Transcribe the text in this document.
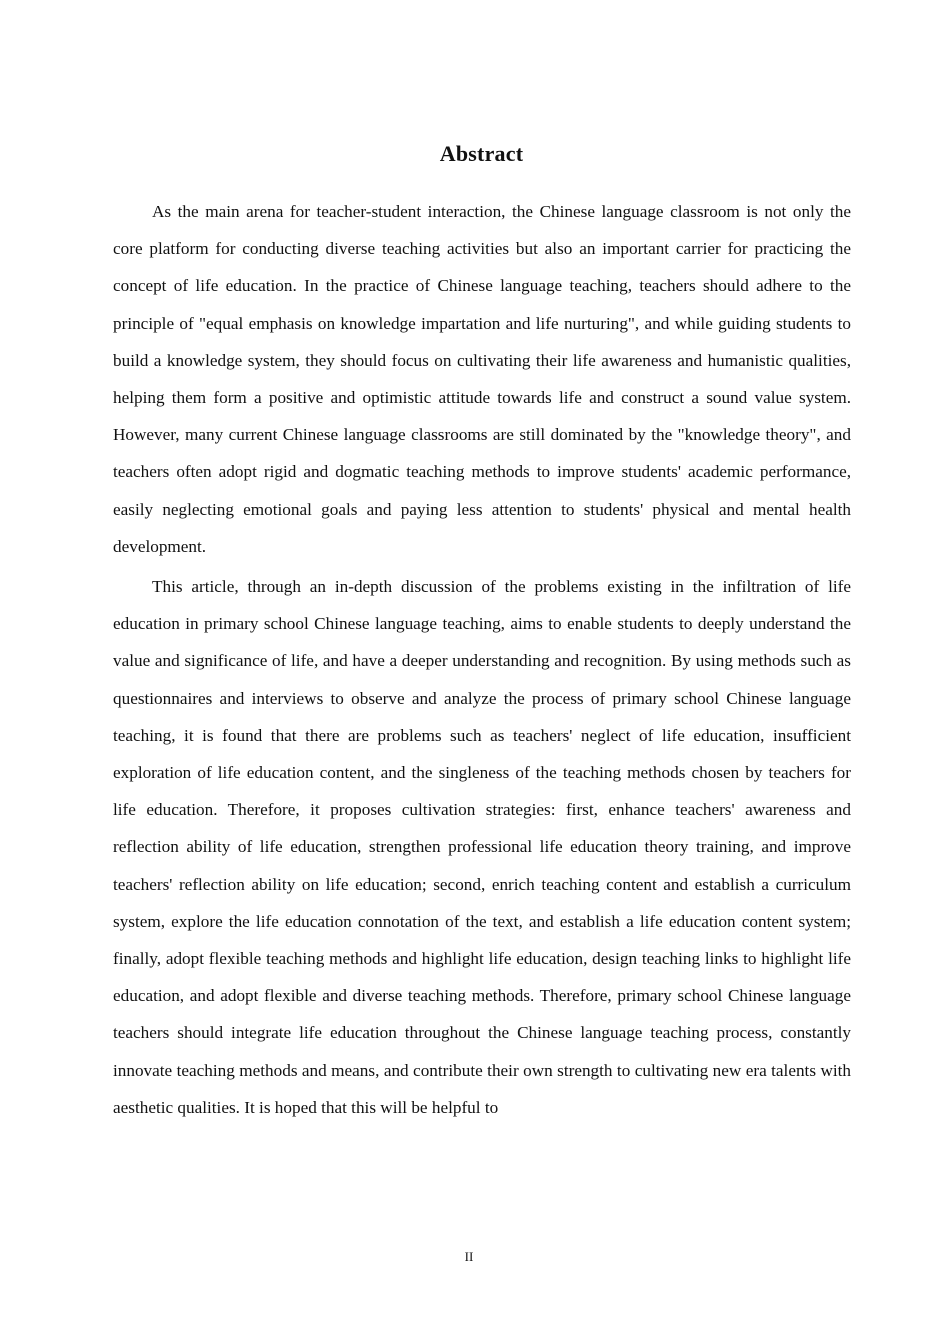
Abstract

As the main arena for teacher-student interaction, the Chinese language classroom is not only the core platform for conducting diverse teaching activities but also an important carrier for practicing the concept of life education. In the practice of Chinese language teaching, teachers should adhere to the principle of "equal emphasis on knowledge impartation and life nurturing", and while guiding students to build a knowledge system, they should focus on cultivating their life awareness and humanistic qualities, helping them form a positive and optimistic attitude towards life and construct a sound value system. However, many current Chinese language classrooms are still dominated by the "knowledge theory", and teachers often adopt rigid and dogmatic teaching methods to improve students' academic performance, easily neglecting emotional goals and paying less attention to students' physical and mental health development.

This article, through an in-depth discussion of the problems existing in the infiltration of life education in primary school Chinese language teaching, aims to enable students to deeply understand the value and significance of life, and have a deeper understanding and recognition. By using methods such as questionnaires and interviews to observe and analyze the process of primary school Chinese language teaching, it is found that there are problems such as teachers' neglect of life education, insufficient exploration of life education content, and the singleness of the teaching methods chosen by teachers for life education. Therefore, it proposes cultivation strategies: first, enhance teachers' awareness and reflection ability of life education, strengthen professional life education theory training, and improve teachers' reflection ability on life education; second, enrich teaching content and establish a curriculum system, explore the life education connotation of the text, and establish a life education content system; finally, adopt flexible teaching methods and highlight life education, design teaching links to highlight life education, and adopt flexible and diverse teaching methods. Therefore, primary school Chinese language teachers should integrate life education throughout the Chinese language teaching process, constantly innovate teaching methods and means, and contribute their own strength to cultivating new era talents with aesthetic qualities. It is hoped that this will be helpful to

II
